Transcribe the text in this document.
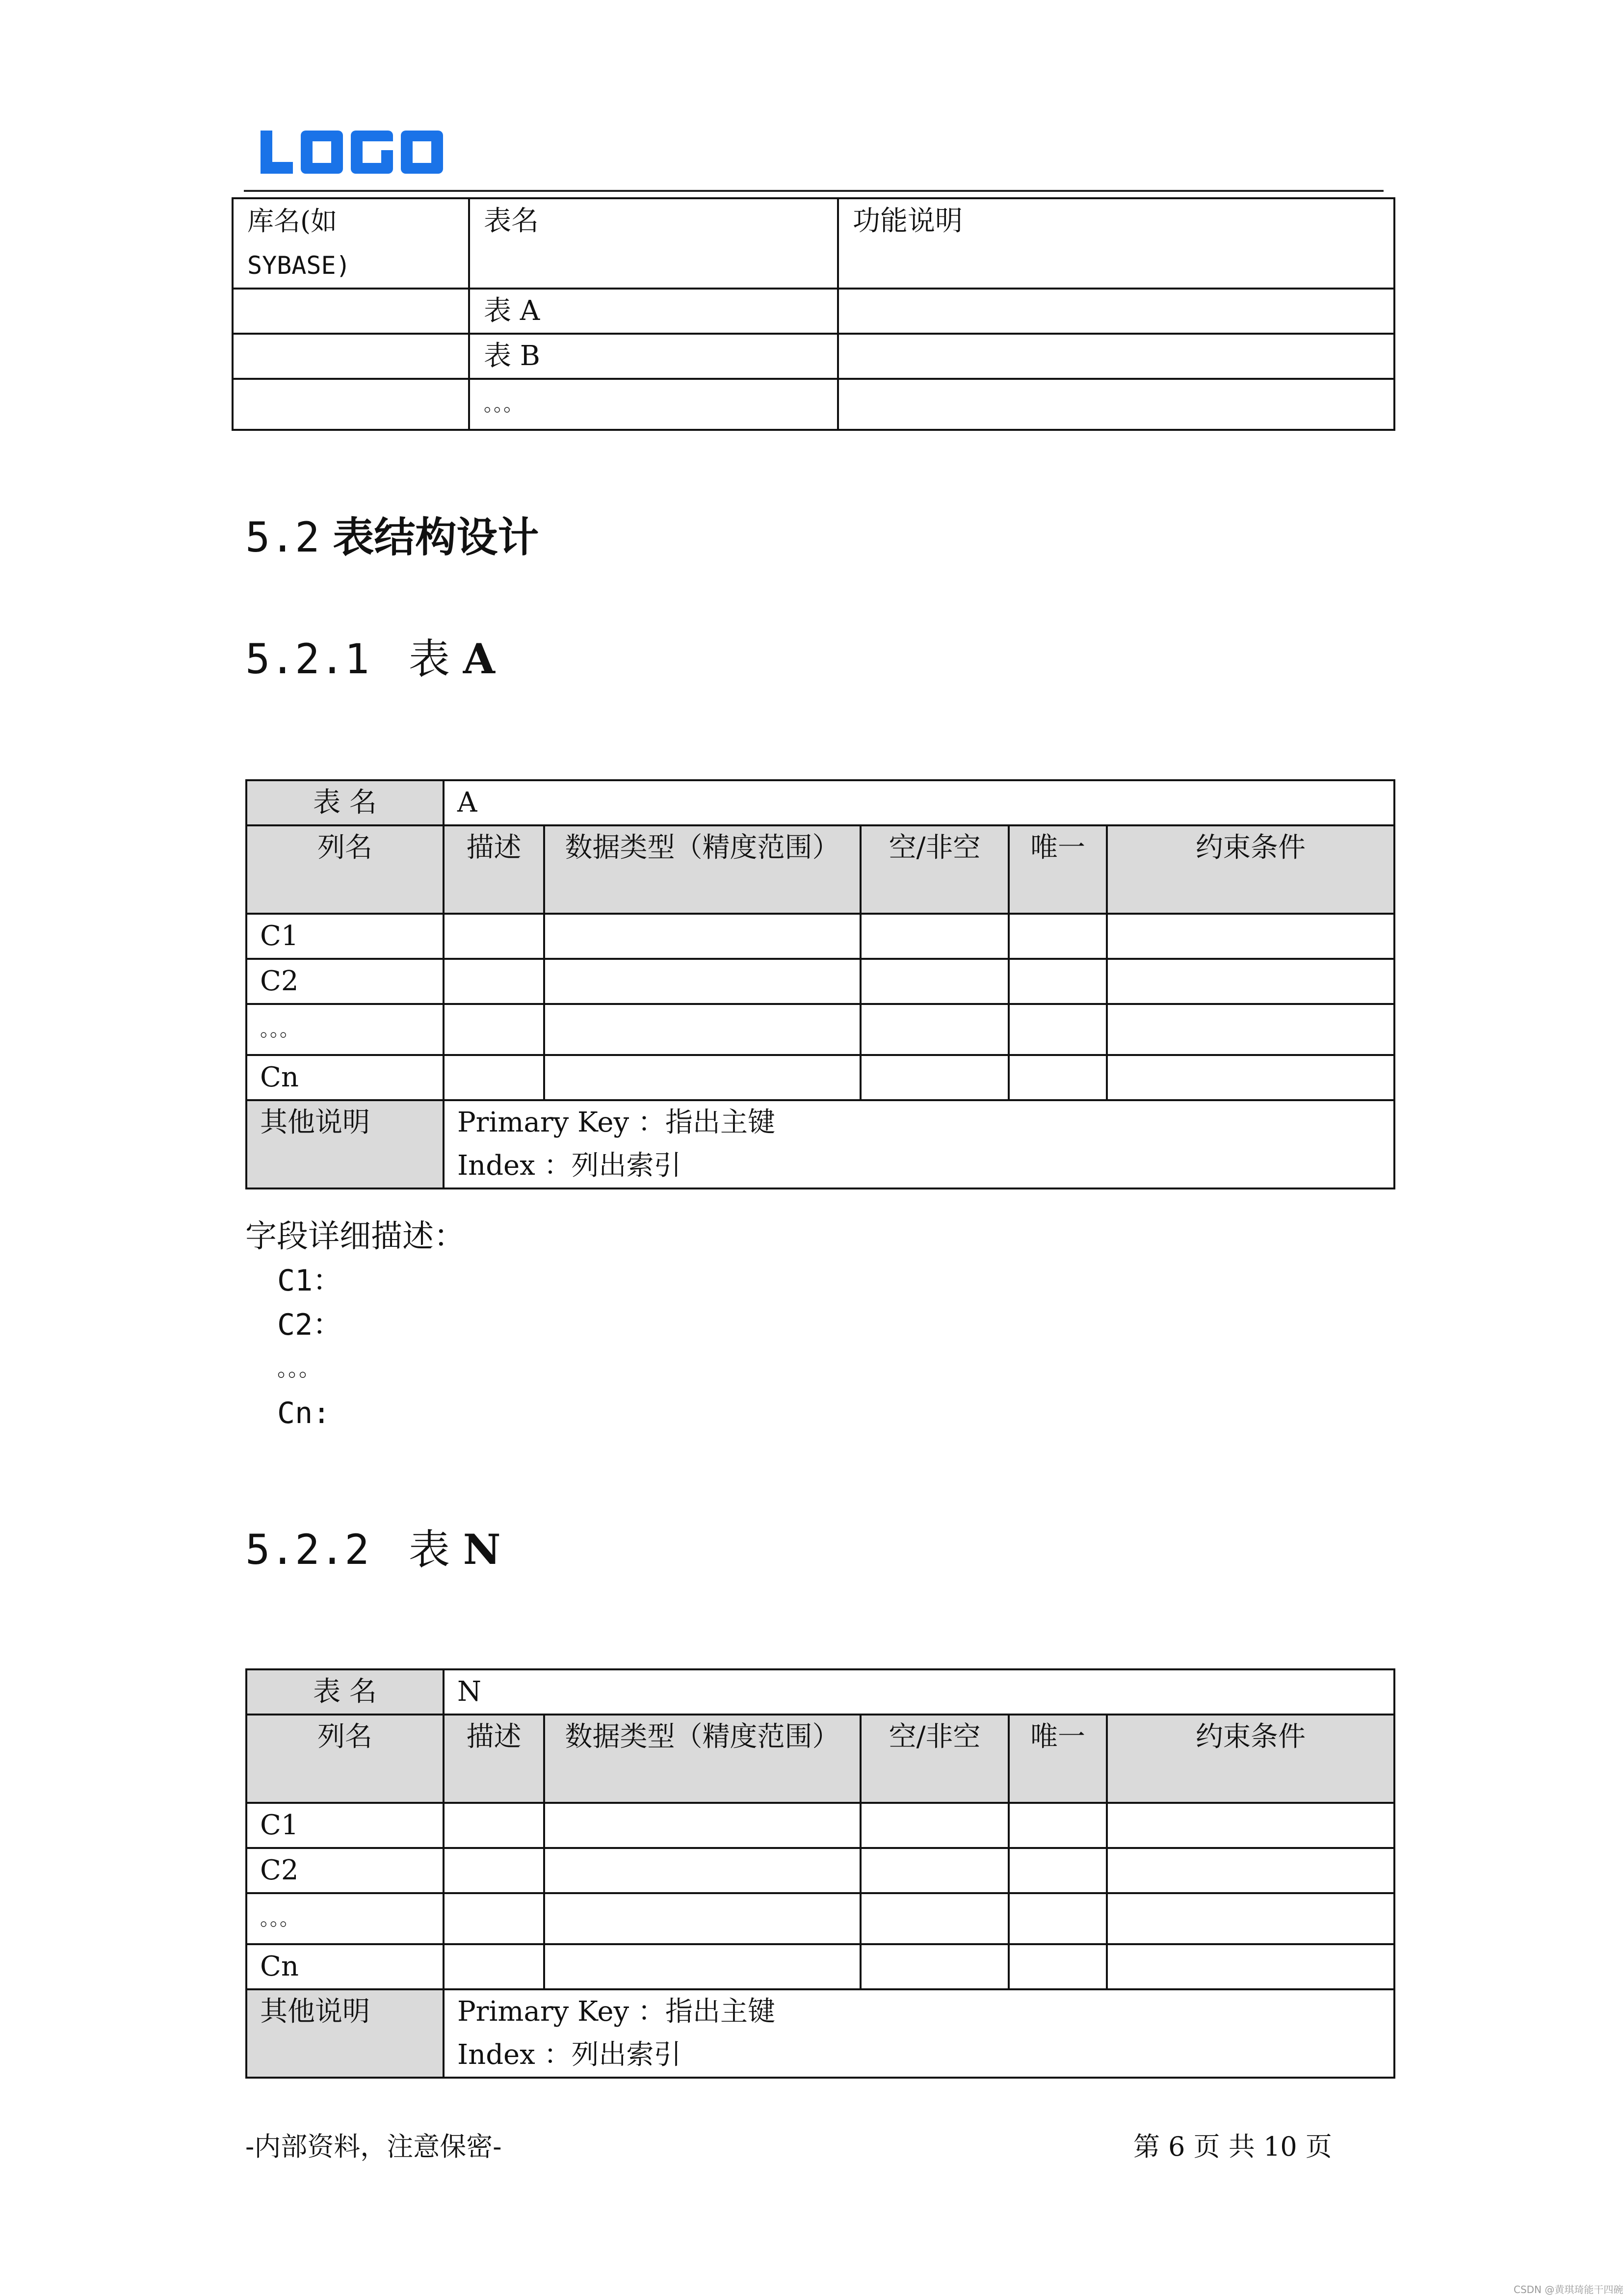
库名(如
SYBASE)	表名	功能说明
	表 A	
	表 B	
	。。。	
5.2 表结构设计
5.2.1 表 A
表 名	A				
列名	描述	数据类型（精度范围）	空/非空	唯一	约束条件
C1					
C2					
。。。					
Cn					
其他说明	Primary Key ：指出主键
Index ：列出索引				
字段详细描述：
C1：
C2：
。。。
Cn:
5.2.2 表 N
表 名	N				
列名	描述	数据类型（精度范围）	空/非空	唯一	约束条件
C1					
C2					
。。。					
Cn					
其他说明	Primary Key ：指出主键
Index ：列出索引				
-内部资料，注意保密-	第 6 页 共 10 页
CSDN @黄琪琦能干四碗
